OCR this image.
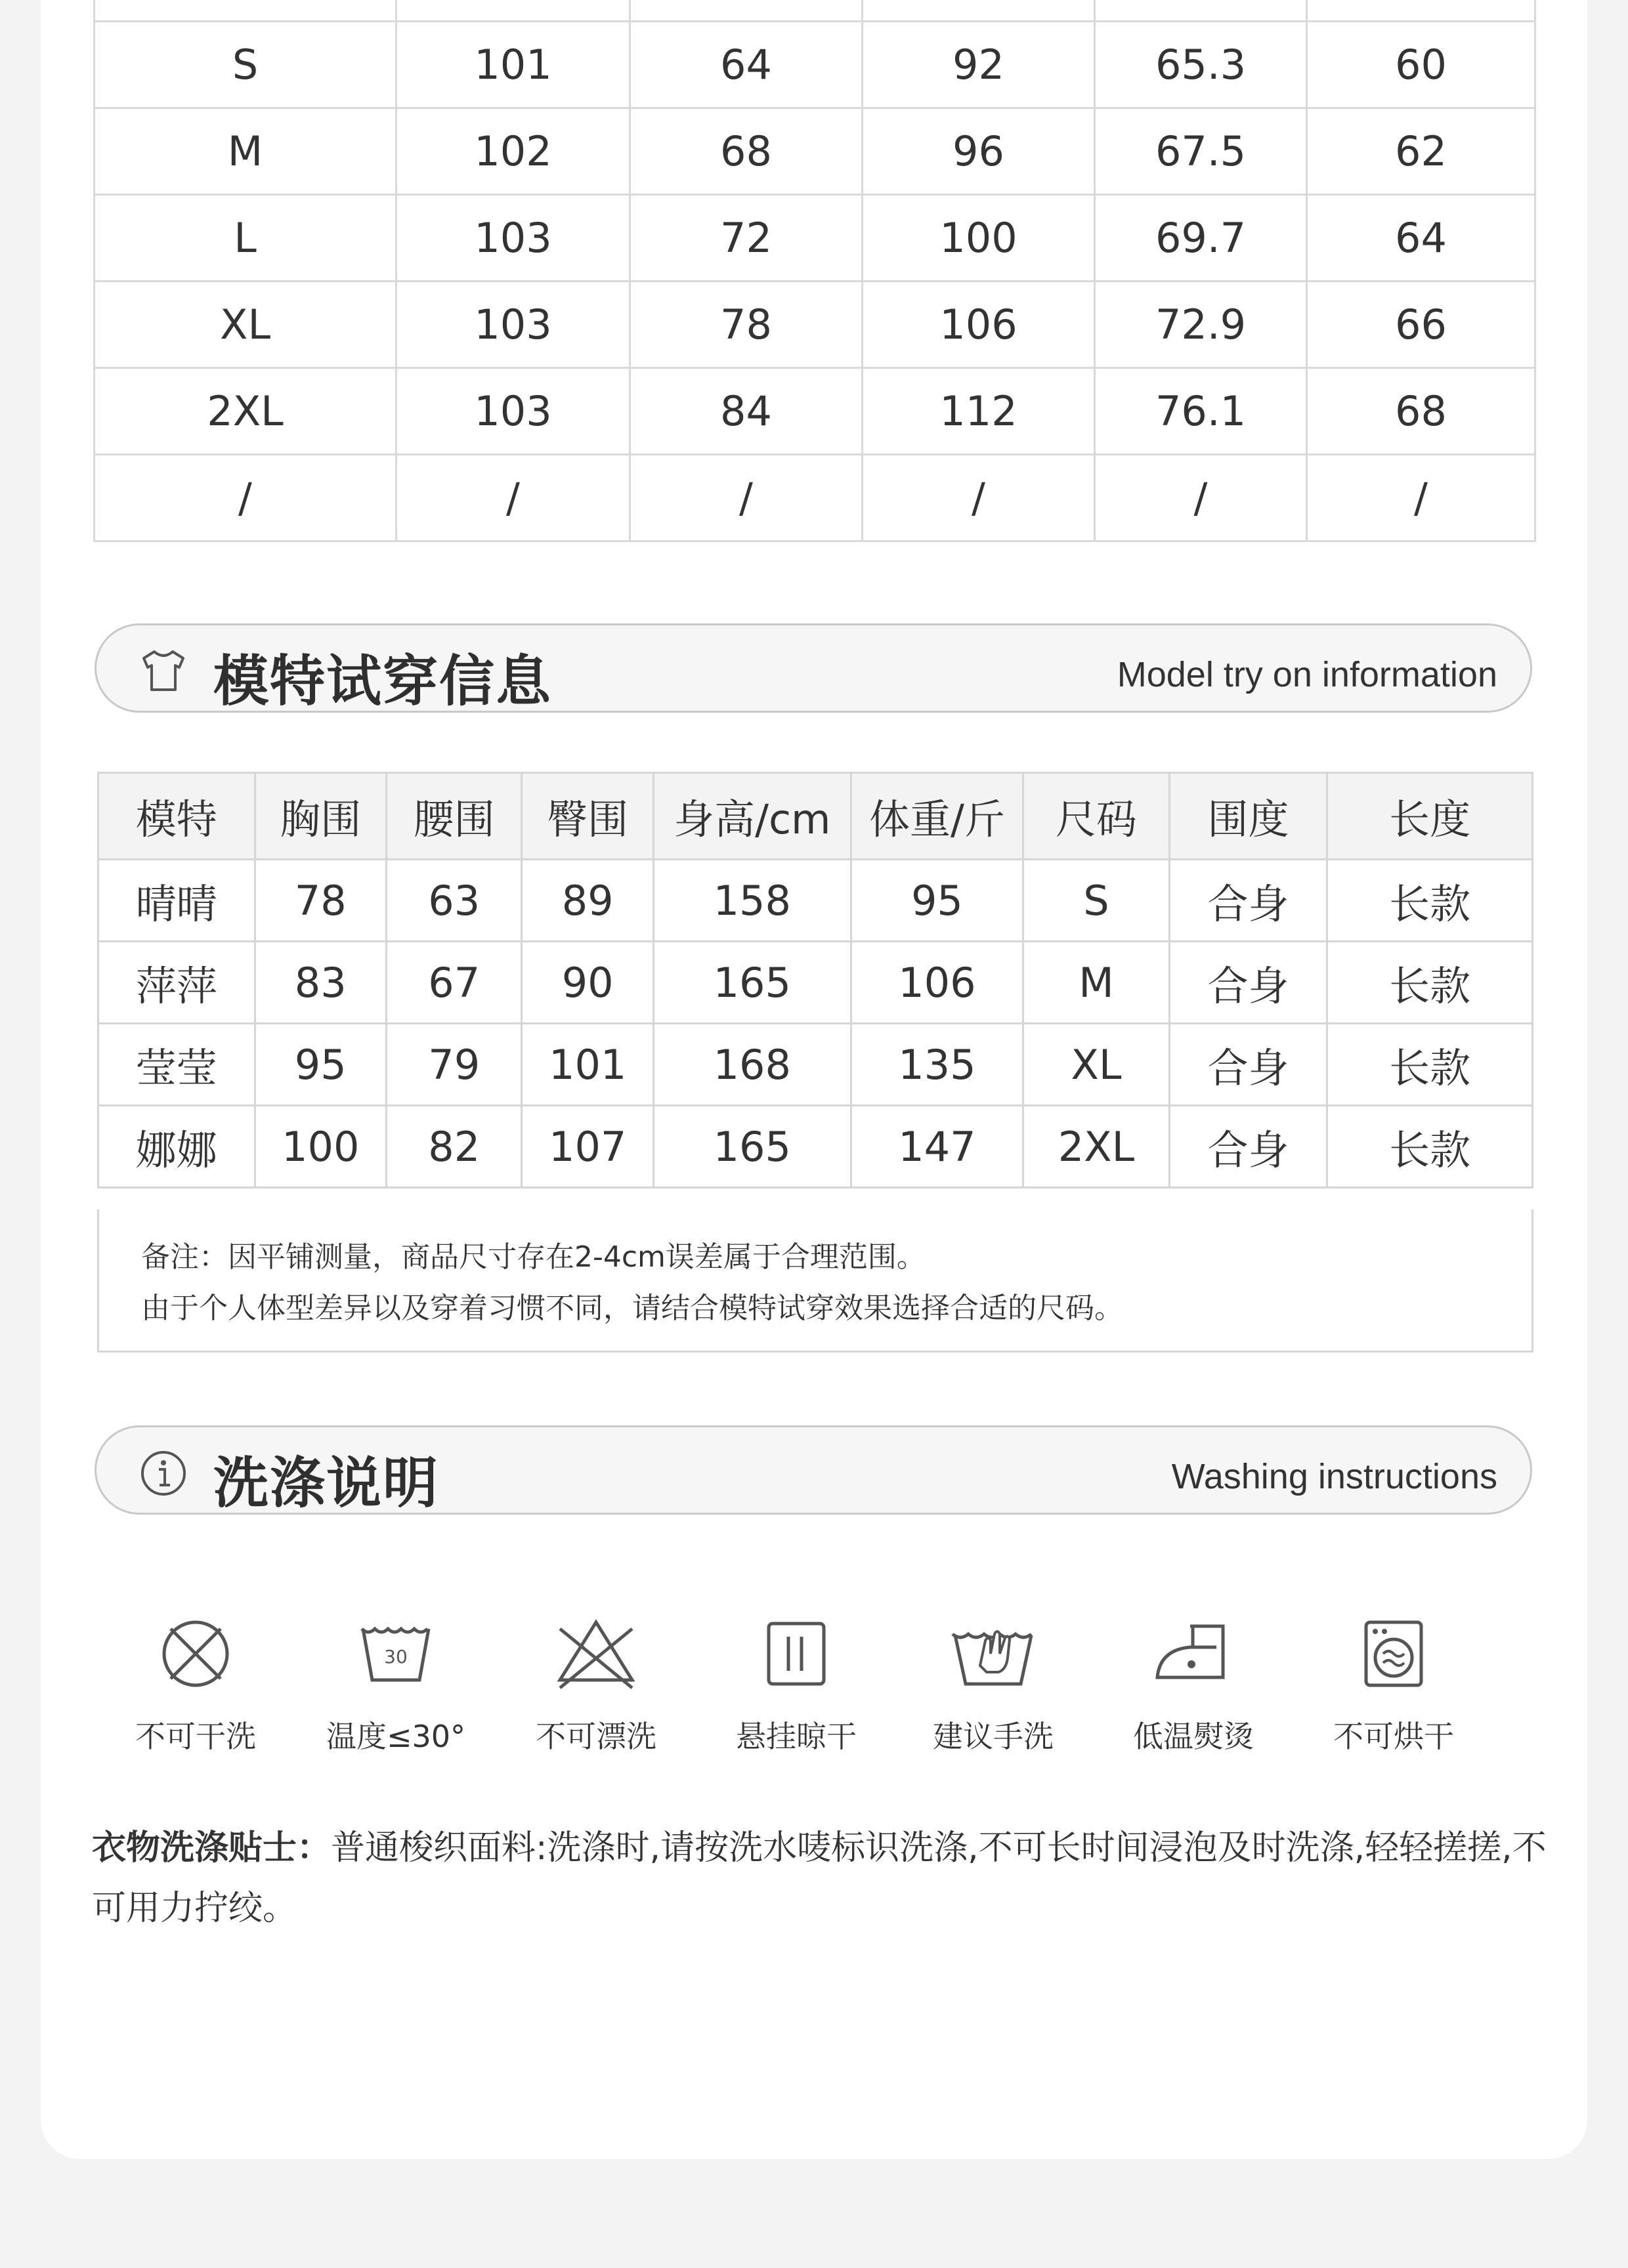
S	101	64	92	65.3	60
M	102	68	96	67.5	62
L	103	72	100	69.7	64
XL	103	78	106	72.9	66
2XL	103	84	112	76.1	68
/	/	/	/	/	/
模特试穿信息	Model try on information
模特	胸围	腰围	臀围	身高/cm	体重/斤	尺码	围度	长度
晴晴	78	63	89	158	95	S	合身	长款
萍萍	83	67	90	165	106	M	合身	长款
莹莹	95	79	101	168	135	XL	合身	长款
娜娜	100	82	107	165	147	2XL	合身	长款
备注：因平铺测量，商品尺寸存在2-4cm误差属于合理范围。
由于个人体型差异以及穿着习惯不同，请结合模特试穿效果选择合适的尺码。
洗涤说明	Washing instructions
不可干洗
30
温度≤30°	不可漂洗	悬挂晾干	建议手洗	低温熨烫	不可烘干
衣物洗涤贴士：普通梭织面料:洗涤时,请按洗水唛标识洗涤,不可长时间浸泡及时洗涤,轻轻搓搓,不可用力拧绞。
